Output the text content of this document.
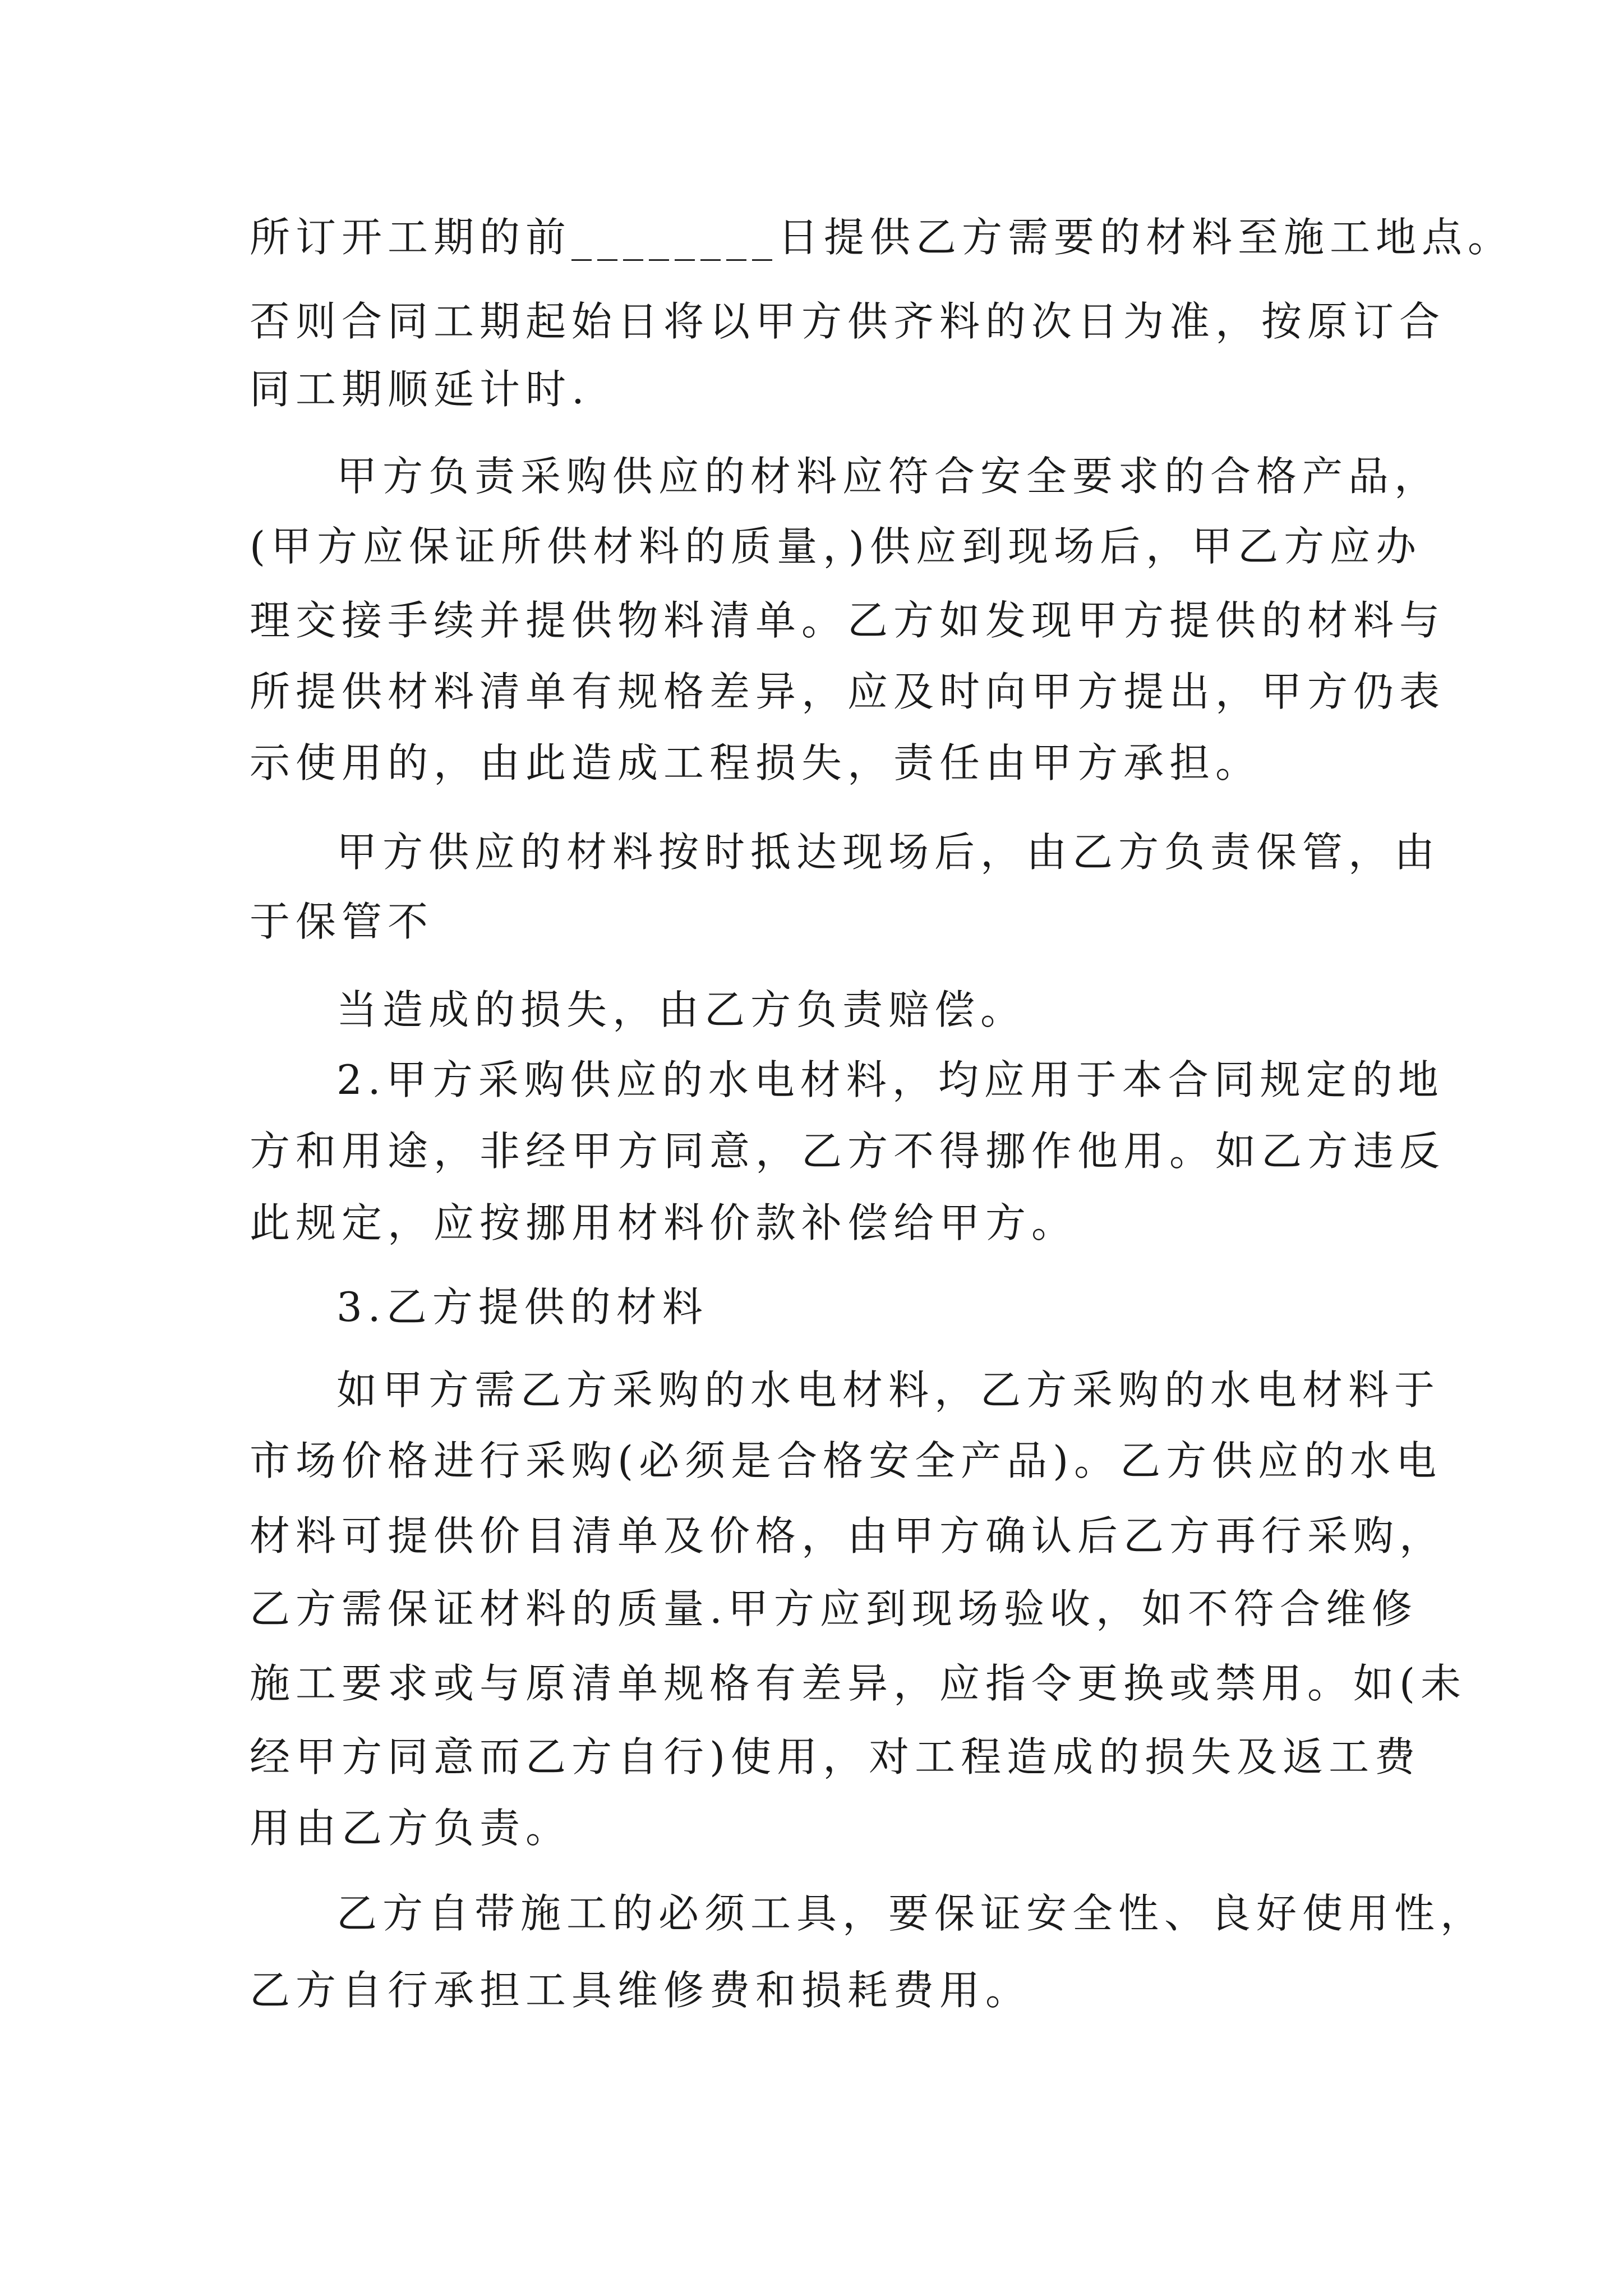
所订开工期的前________日提供乙方需要的材料至施工地点。

否则合同工期起始日将以甲方供齐料的次日为准，按原订合

同工期顺延计时.

甲方负责采购供应的材料应符合安全要求的合格产品，

(甲方应保证所供材料的质量，)供应到现场后，甲乙方应办

理交接手续并提供物料清单。乙方如发现甲方提供的材料与

所提供材料清单有规格差异，应及时向甲方提出，甲方仍表

示使用的，由此造成工程损失，责任由甲方承担。

甲方供应的材料按时抵达现场后，由乙方负责保管，由

于保管不

当造成的损失，由乙方负责赔偿。

2.甲方采购供应的水电材料，均应用于本合同规定的地

方和用途，非经甲方同意，乙方不得挪作他用。如乙方违反

此规定，应按挪用材料价款补偿给甲方。

3.乙方提供的材料

如甲方需乙方采购的水电材料，乙方采购的水电材料于

市场价格进行采购(必须是合格安全产品)。乙方供应的水电

材料可提供价目清单及价格，由甲方确认后乙方再行采购，

乙方需保证材料的质量.甲方应到现场验收，如不符合维修

施工要求或与原清单规格有差异，应指令更换或禁用。如(未

经甲方同意而乙方自行)使用，对工程造成的损失及返工费

用由乙方负责。

乙方自带施工的必须工具，要保证安全性、良好使用性，

乙方自行承担工具维修费和损耗费用。
